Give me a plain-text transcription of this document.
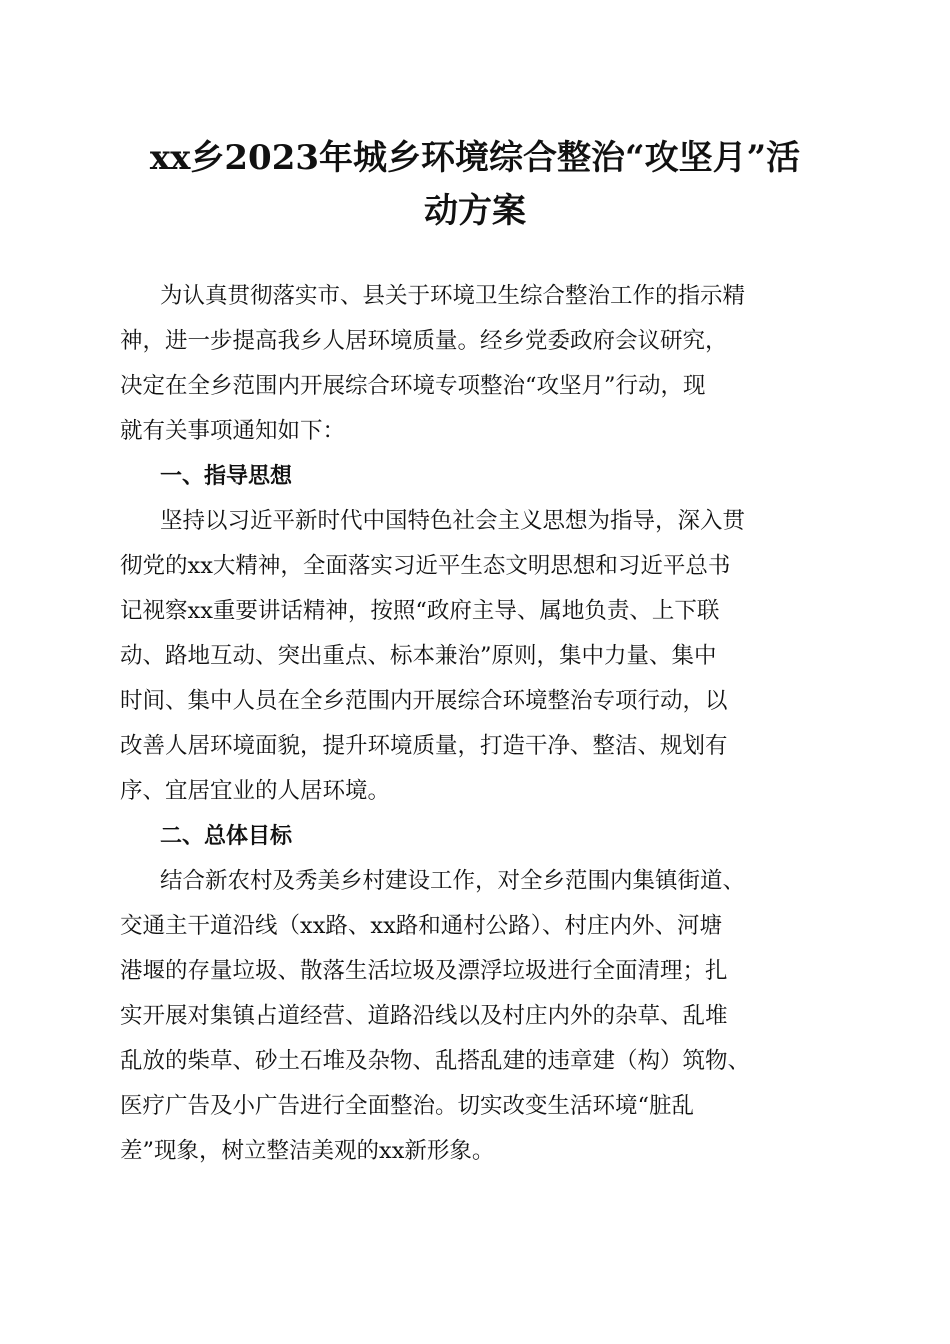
xx乡2023年城乡环境综合整治“攻坚月”活
动方案
为认真贯彻落实市、县关于环境卫生综合整治工作的指示精
神，进一步提高我乡人居环境质量。经乡党委政府会议研究，
决定在全乡范围内开展综合环境专项整治“攻坚月”行动，现
就有关事项通知如下：
一、指导思想
坚持以习近平新时代中国特色社会主义思想为指导，深入贯
彻党的xx大精神，全面落实习近平生态文明思想和习近平总书
记视察xx重要讲话精神，按照“政府主导、属地负责、上下联
动、路地互动、突出重点、标本兼治”原则，集中力量、集中
时间、集中人员在全乡范围内开展综合环境整治专项行动，以
改善人居环境面貌，提升环境质量，打造干净、整洁、规划有
序、宜居宜业的人居环境。
二、总体目标
结合新农村及秀美乡村建设工作，对全乡范围内集镇街道、
交通主干道沿线（xx路、xx路和通村公路）、村庄内外、河塘
港堰的存量垃圾、散落生活垃圾及漂浮垃圾进行全面清理；扎
实开展对集镇占道经营、道路沿线以及村庄内外的杂草、乱堆
乱放的柴草、砂土石堆及杂物、乱搭乱建的违章建（构）筑物、
医疗广告及小广告进行全面整治。切实改变生活环境“脏乱
差”现象，树立整洁美观的xx新形象。
